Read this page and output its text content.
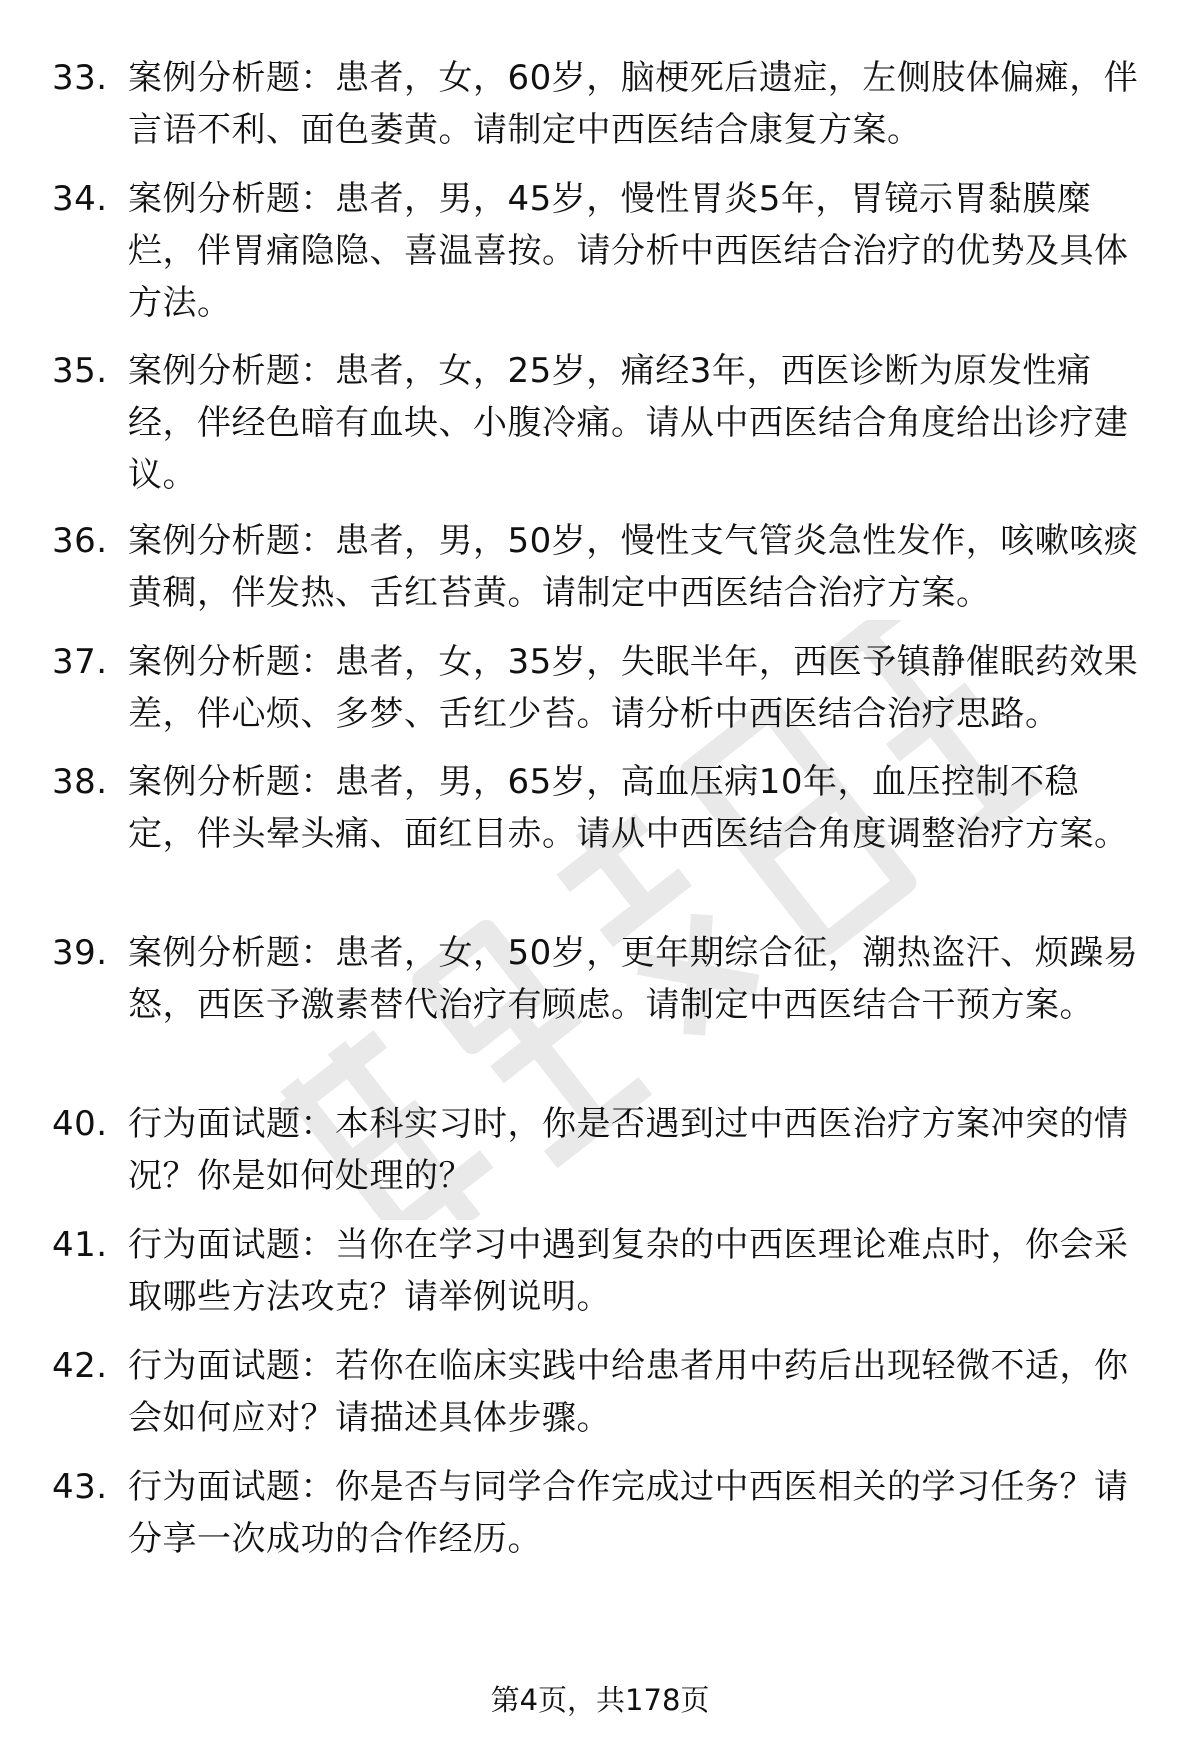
33. 案例分析题：患者，女，60岁，脑梗死后遗症，左侧肢体偏瘫，伴言语不利、面色萎黄。请制定中西医结合康复方案。
34. 案例分析题：患者，男，45岁，慢性胃炎5年，胃镜示胃黏膜糜烂，伴胃痛隐隐、喜温喜按。请分析中西医结合治疗的优势及具体方法。
35. 案例分析题：患者，女，25岁，痛经3年，西医诊断为原发性痛经，伴经色暗有血块、小腹冷痛。请从中西医结合角度给出诊疗建议。
36. 案例分析题：患者，男，50岁，慢性支气管炎急性发作，咳嗽咳痰黄稠，伴发热、舌红苔黄。请制定中西医结合治疗方案。
37. 案例分析题：患者，女，35岁，失眠半年，西医予镇静催眠药效果差，伴心烦、多梦、舌红少苔。请分析中西医结合治疗思路。
38. 案例分析题：患者，男，65岁，高血压病10年，血压控制不稳定，伴头晕头痛、面红目赤。请从中西医结合角度调整治疗方案。
39. 案例分析题：患者，女，50岁，更年期综合征，潮热盗汗、烦躁易怒，西医予激素替代治疗有顾虑。请制定中西医结合干预方案。
40. 行为面试题：本科实习时，你是否遇到过中西医治疗方案冲突的情况？你是如何处理的？
41. 行为面试题：当你在学习中遇到复杂的中西医理论难点时，你会采取哪些方法攻克？请举例说明。
42. 行为面试题：若你在临床实践中给患者用中药后出现轻微不适，你会如何应对？请描述具体步骤。
43. 行为面试题：你是否与同学合作完成过中西医相关的学习任务？请分享一次成功的合作经历。
第4页，共178页
